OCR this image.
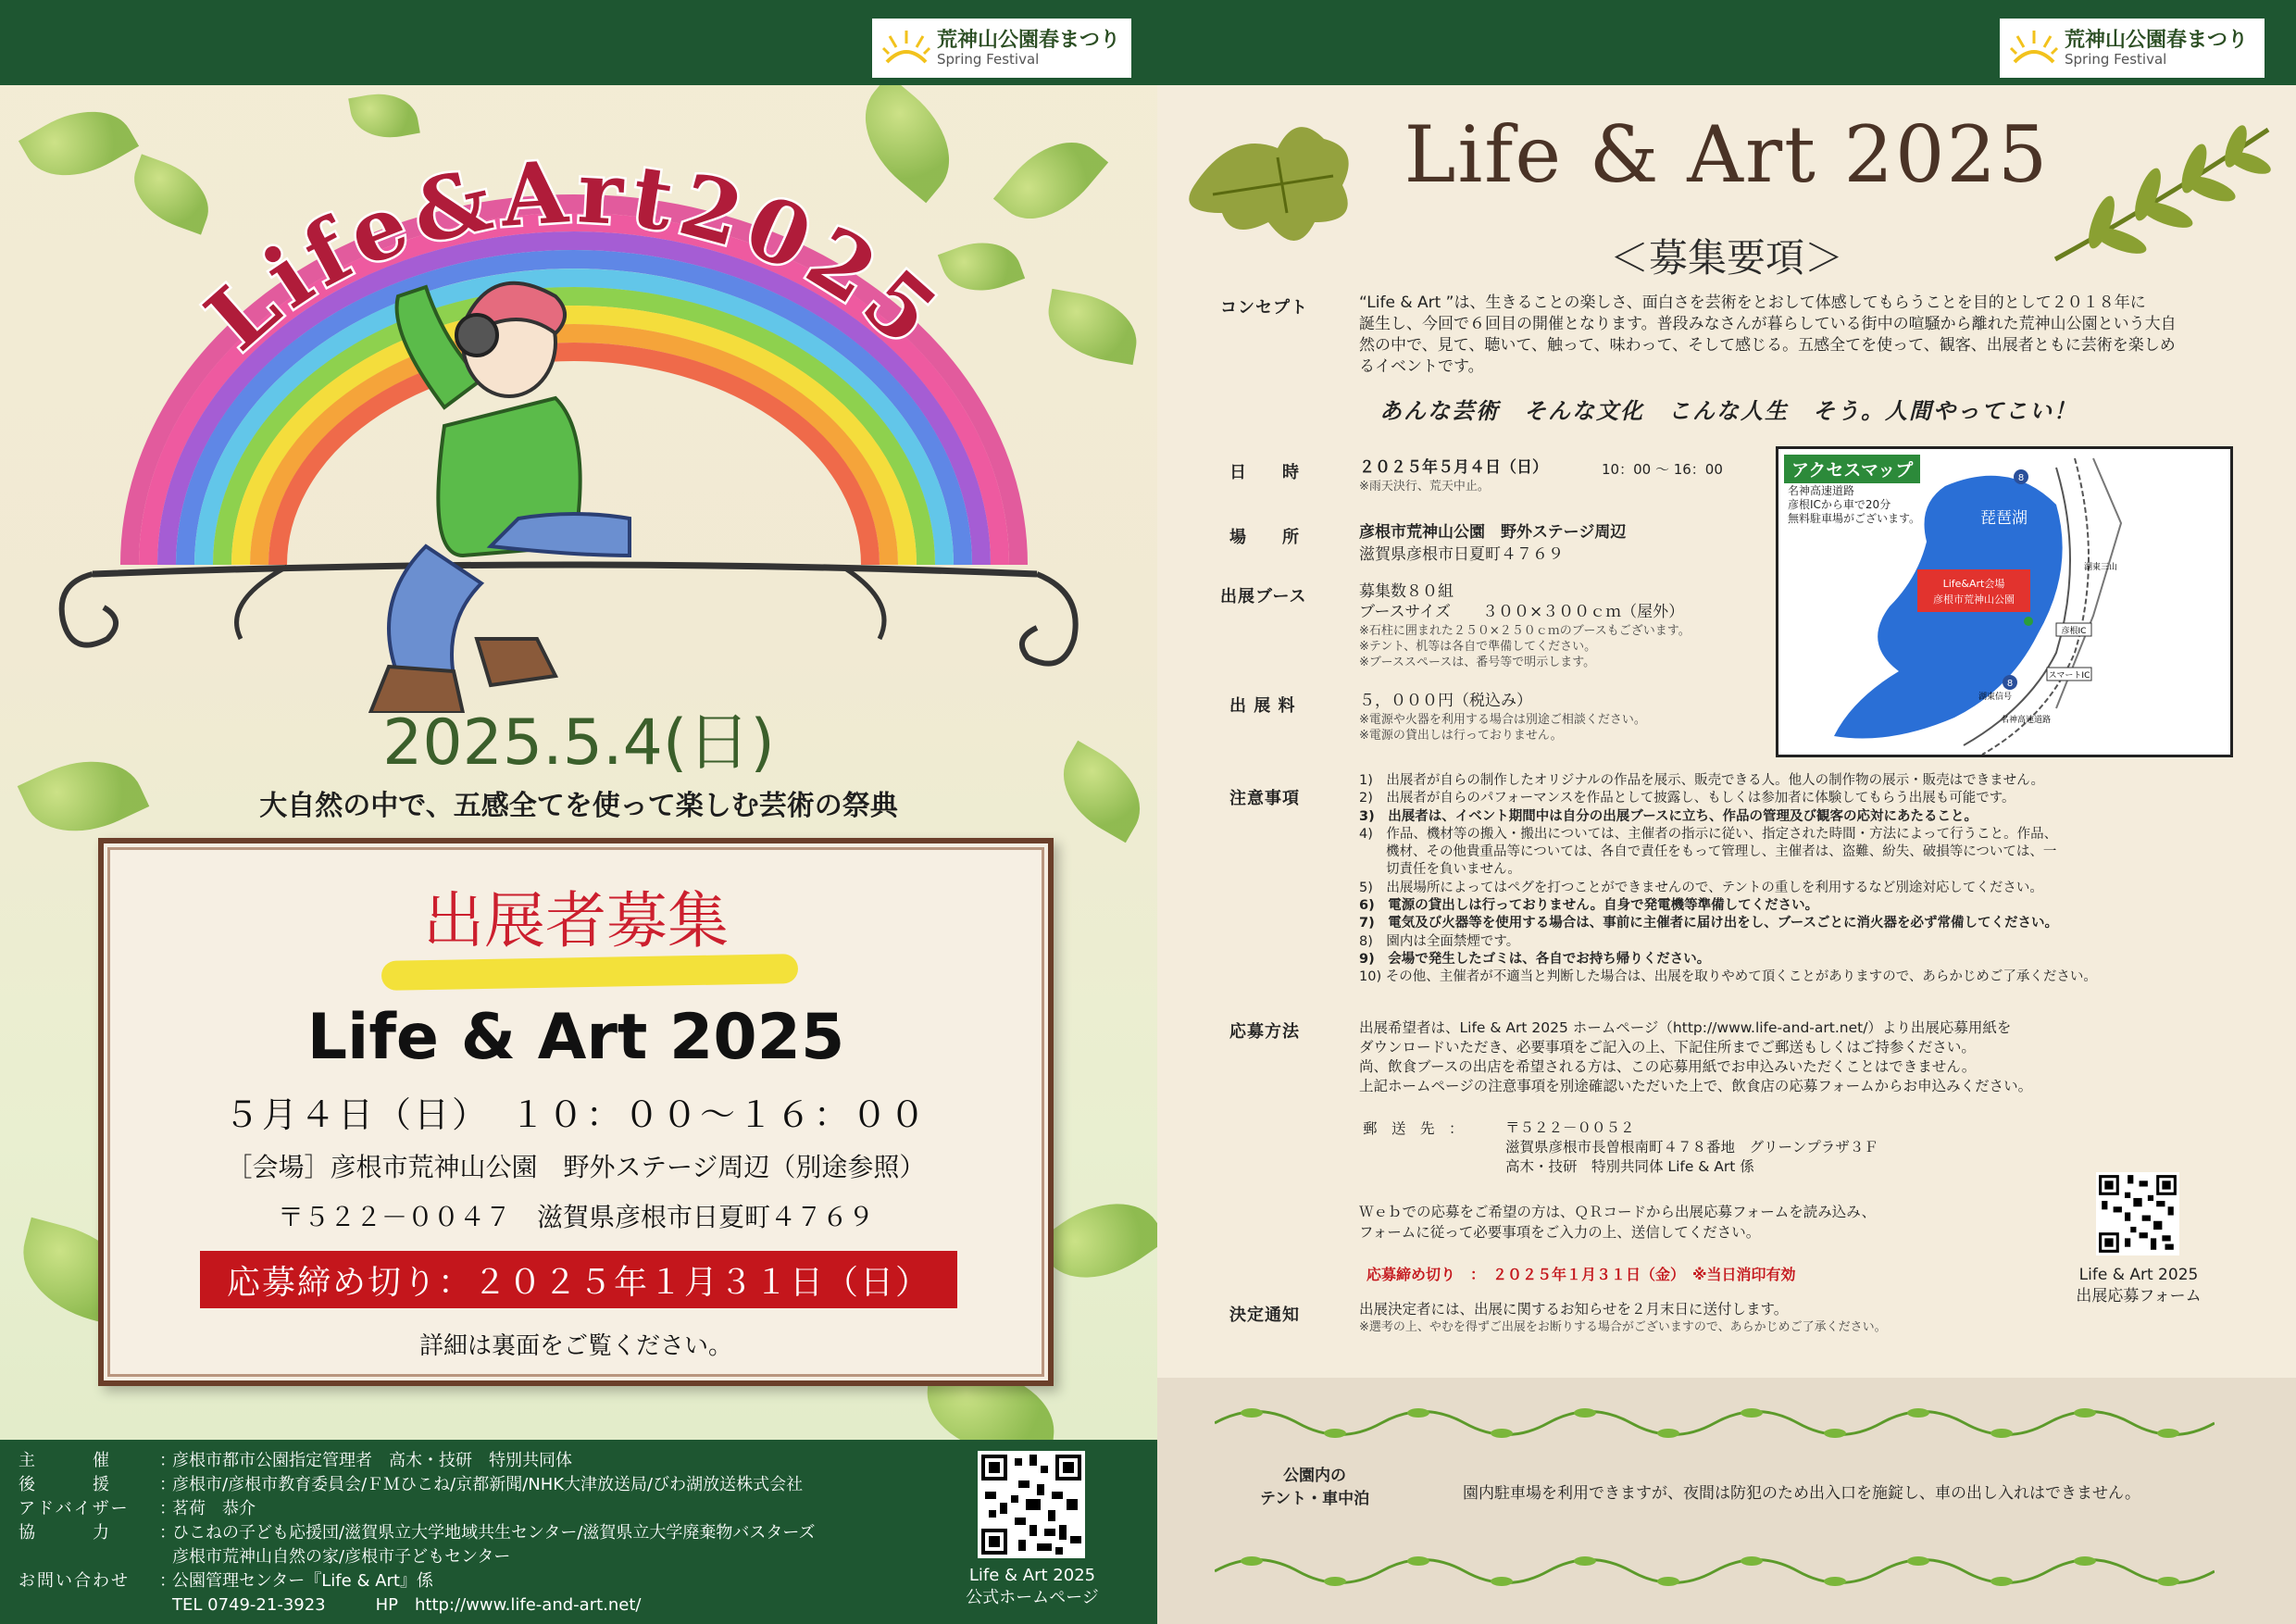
荒神山公園春まつり
Spring Festival
Life&Art2025
2025.5.4(日)
大自然の中で、五感全てを使って楽しむ芸術の祭典
出展者募集
Life & Art 2025
５月４日（日）　１０：００～１６：００
［会場］彦根市荒神山公園　野外ステージ周辺（別途参照）
〒５２２－００４７　滋賀県彦根市日夏町４７６９
応募締め切り：２０２５年１月３１日（日）
詳細は裏面をご覧ください。
主　　　催	：
彦根市都市公園指定管理者　高木・技研　特別共同体
後　　　援	：
彦根市/彦根市教育委員会/ＦＭひこね/京都新聞/NHK大津放送局/びわ湖放送株式会社
アドバイザー	：
茗荷　恭介
協　　　力	：
ひこねの子ども応援団/滋賀県立大学地域共生センター/滋賀県立大学廃棄物バスターズ
彦根市荒神山自然の家/彦根市子どもセンター
お問い合わせ	：
公園管理センター『Life & Art』係
TEL 0749-21-3923　　　HP　http://www.life-and-art.net/
Life & Art 2025
公式ホームページ
荒神山公園春まつり
Spring Festival
Life & Art 2025
＜募集要項＞
コンセプト	“Life & Art ”は、生きることの楽しさ、面白さを芸術をとおして体感してもらうことを目的として２０１８年に
誕生し、今回で６回目の開催となります。普段みなさんが暮らしている街中の喧騒から離れた荒神山公園という大自
然の中で、見て、聴いて、触って、味わって、そして感じる。五感全てを使って、観客、出展者ともに芸術を楽しめ
るイベントです。
あんな芸術　そんな文化　こんな人生　そう。人間やってこい！
日　　時	２０２５年５月４日（日）	10：00 ～ 16：00
※雨天決行、荒天中止。
場　　所	彦根市荒神山公園　野外ステージ周辺
滋賀県彦根市日夏町４７６９
出展ブース	募集数８０組
ブースサイズ　　３００×３００ｃｍ（屋外）
※石柱に囲まれた２５０×２５０ｃｍのブースもございます。
※テント、机等は各自で準備してください。
※ブーススペースは、番号等で明示します。
出 展 料	５，０００円（税込み）
※電源や火器を利用する場合は別途ご相談ください。
※電源の貸出しは行っておりません。
Life&Art会場
彦根市荒神山公園
琵琶湖
彦根IC
スマートIC
湖東信号
名神高速道路
湖東三山
8
8
アクセスマップ
名神高速道路
彦根ICから車で20分
無料駐車場がございます。
注意事項
1)　出展者が自らの制作したオリジナルの作品を展示、販売できる人。他人の制作物の展示・販売はできません。
2)　出展者が自らのパフォーマンスを作品として披露し、もしくは参加者に体験してもらう出展も可能です。
3)　出展者は、イベント期間中は自分の出展ブースに立ち、作品の管理及び観客の応対にあたること。
4)　作品、機材等の搬入・搬出については、主催者の指示に従い、指定された時間・方法によって行うこと。作品、
　　機材、その他貴重品等については、各自で責任をもって管理し、主催者は、盗難、紛失、破損等については、一
　　切責任を負いません。
5)　出展場所によってはペグを打つことができませんので、テントの重しを利用するなど別途対応してください。
6)　電源の貸出しは行っておりません。自身で発電機等準備してください。
7)　電気及び火器等を使用する場合は、事前に主催者に届け出をし、ブースごとに消火器を必ず常備してください。
8)　園内は全面禁煙です。
9)　会場で発生したゴミは、各自でお持ち帰りください。
10) その他、主催者が不適当と判断した場合は、出展を取りやめて頂くことがありますので、あらかじめご了承ください。
応募方法	出展希望者は、Life & Art 2025 ホームページ（http://www.life-and-art.net/）より出展応募用紙を
ダウンロードいただき、必要事項をご記入の上、下記住所までご郵送もしくはご持参ください。
尚、飲食ブースの出店を希望される方は、この応募用紙でお申込みいただくことはできません。
上記ホームページの注意事項を別途確認いただいた上で、飲食店の応募フォームからお申込みください。
郵　送　先　：	〒５２２－００５２
滋賀県彦根市長曽根南町４７８番地　グリーンプラザ３Ｆ
高木・技研　特別共同体 Life & Art 係
Ｗｅｂでの応募をご希望の方は、ＱＲコードから出展応募フォームを読み込み、
フォームに従って必要事項をご入力の上、送信してください。
応募締め切り　：　２０２５年１月３１日（金）　※当日消印有効	Life & Art 2025
出展応募フォーム
決定通知	出展決定者には、出展に関するお知らせを２月末日に送付します。
※選考の上、やむを得ずご出展をお断りする場合がございますので、あらかじめご了承ください。
公園内の
テント・車中泊	園内駐車場を利用できますが、夜間は防犯のため出入口を施錠し、車の出し入れはできません。
